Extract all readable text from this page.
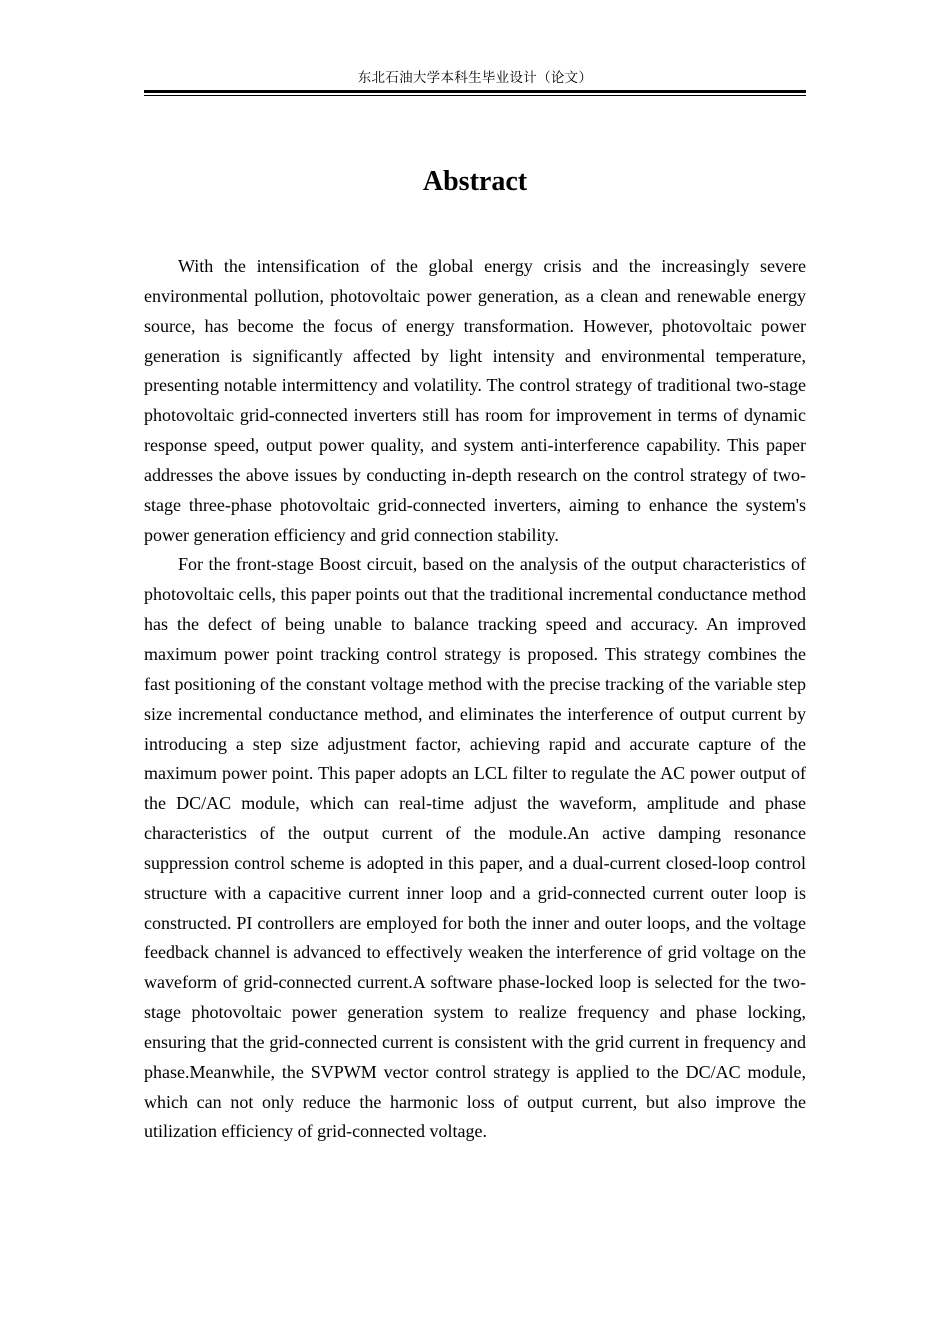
东北石油大学本科生毕业设计（论文）
Abstract

With the intensification of the global energy crisis and the increasingly severe environmental pollution, photovoltaic power generation, as a clean and renewable energy source, has become the focus of energy transformation. However, photovoltaic power generation is significantly affected by light intensity and environmental temperature, presenting notable intermittency and volatility. The control strategy of traditional two-stage photovoltaic grid-connected inverters still has room for improvement in terms of dynamic response speed, output power quality, and system anti-interference capability. This paper addresses the above issues by conducting in-depth research on the control strategy of two-stage three-phase photovoltaic grid-connected inverters, aiming to enhance the system's power generation efficiency and grid connection stability.

For the front-stage Boost circuit, based on the analysis of the output characteristics of photovoltaic cells, this paper points out that the traditional incremental conductance method has the defect of being unable to balance tracking speed and accuracy. An improved maximum power point tracking control strategy is proposed. This strategy combines the fast positioning of the constant voltage method with the precise tracking of the variable step size incremental conductance method, and eliminates the interference of output current by introducing a step size adjustment factor, achieving rapid and accurate capture of the maximum power point. This paper adopts an LCL filter to regulate the AC power output of the DC/AC module, which can real-time adjust the waveform, amplitude and phase characteristics of the output current of the module.An active damping resonance suppression control scheme is adopted in this paper, and a dual-current closed-loop control structure with a capacitive current inner loop and a grid-connected current outer loop is constructed. PI controllers are employed for both the inner and outer loops, and the voltage feedback channel is advanced to effectively weaken the interference of grid voltage on the waveform of grid-connected current.A software phase-locked loop is selected for the two-stage photovoltaic power generation system to realize frequency and phase locking, ensuring that the grid-connected current is consistent with the grid current in frequency and phase.Meanwhile, the SVPWM vector control strategy is applied to the DC/AC module, which can not only reduce the harmonic loss of output current, but also improve the utilization efficiency of grid-connected voltage.
